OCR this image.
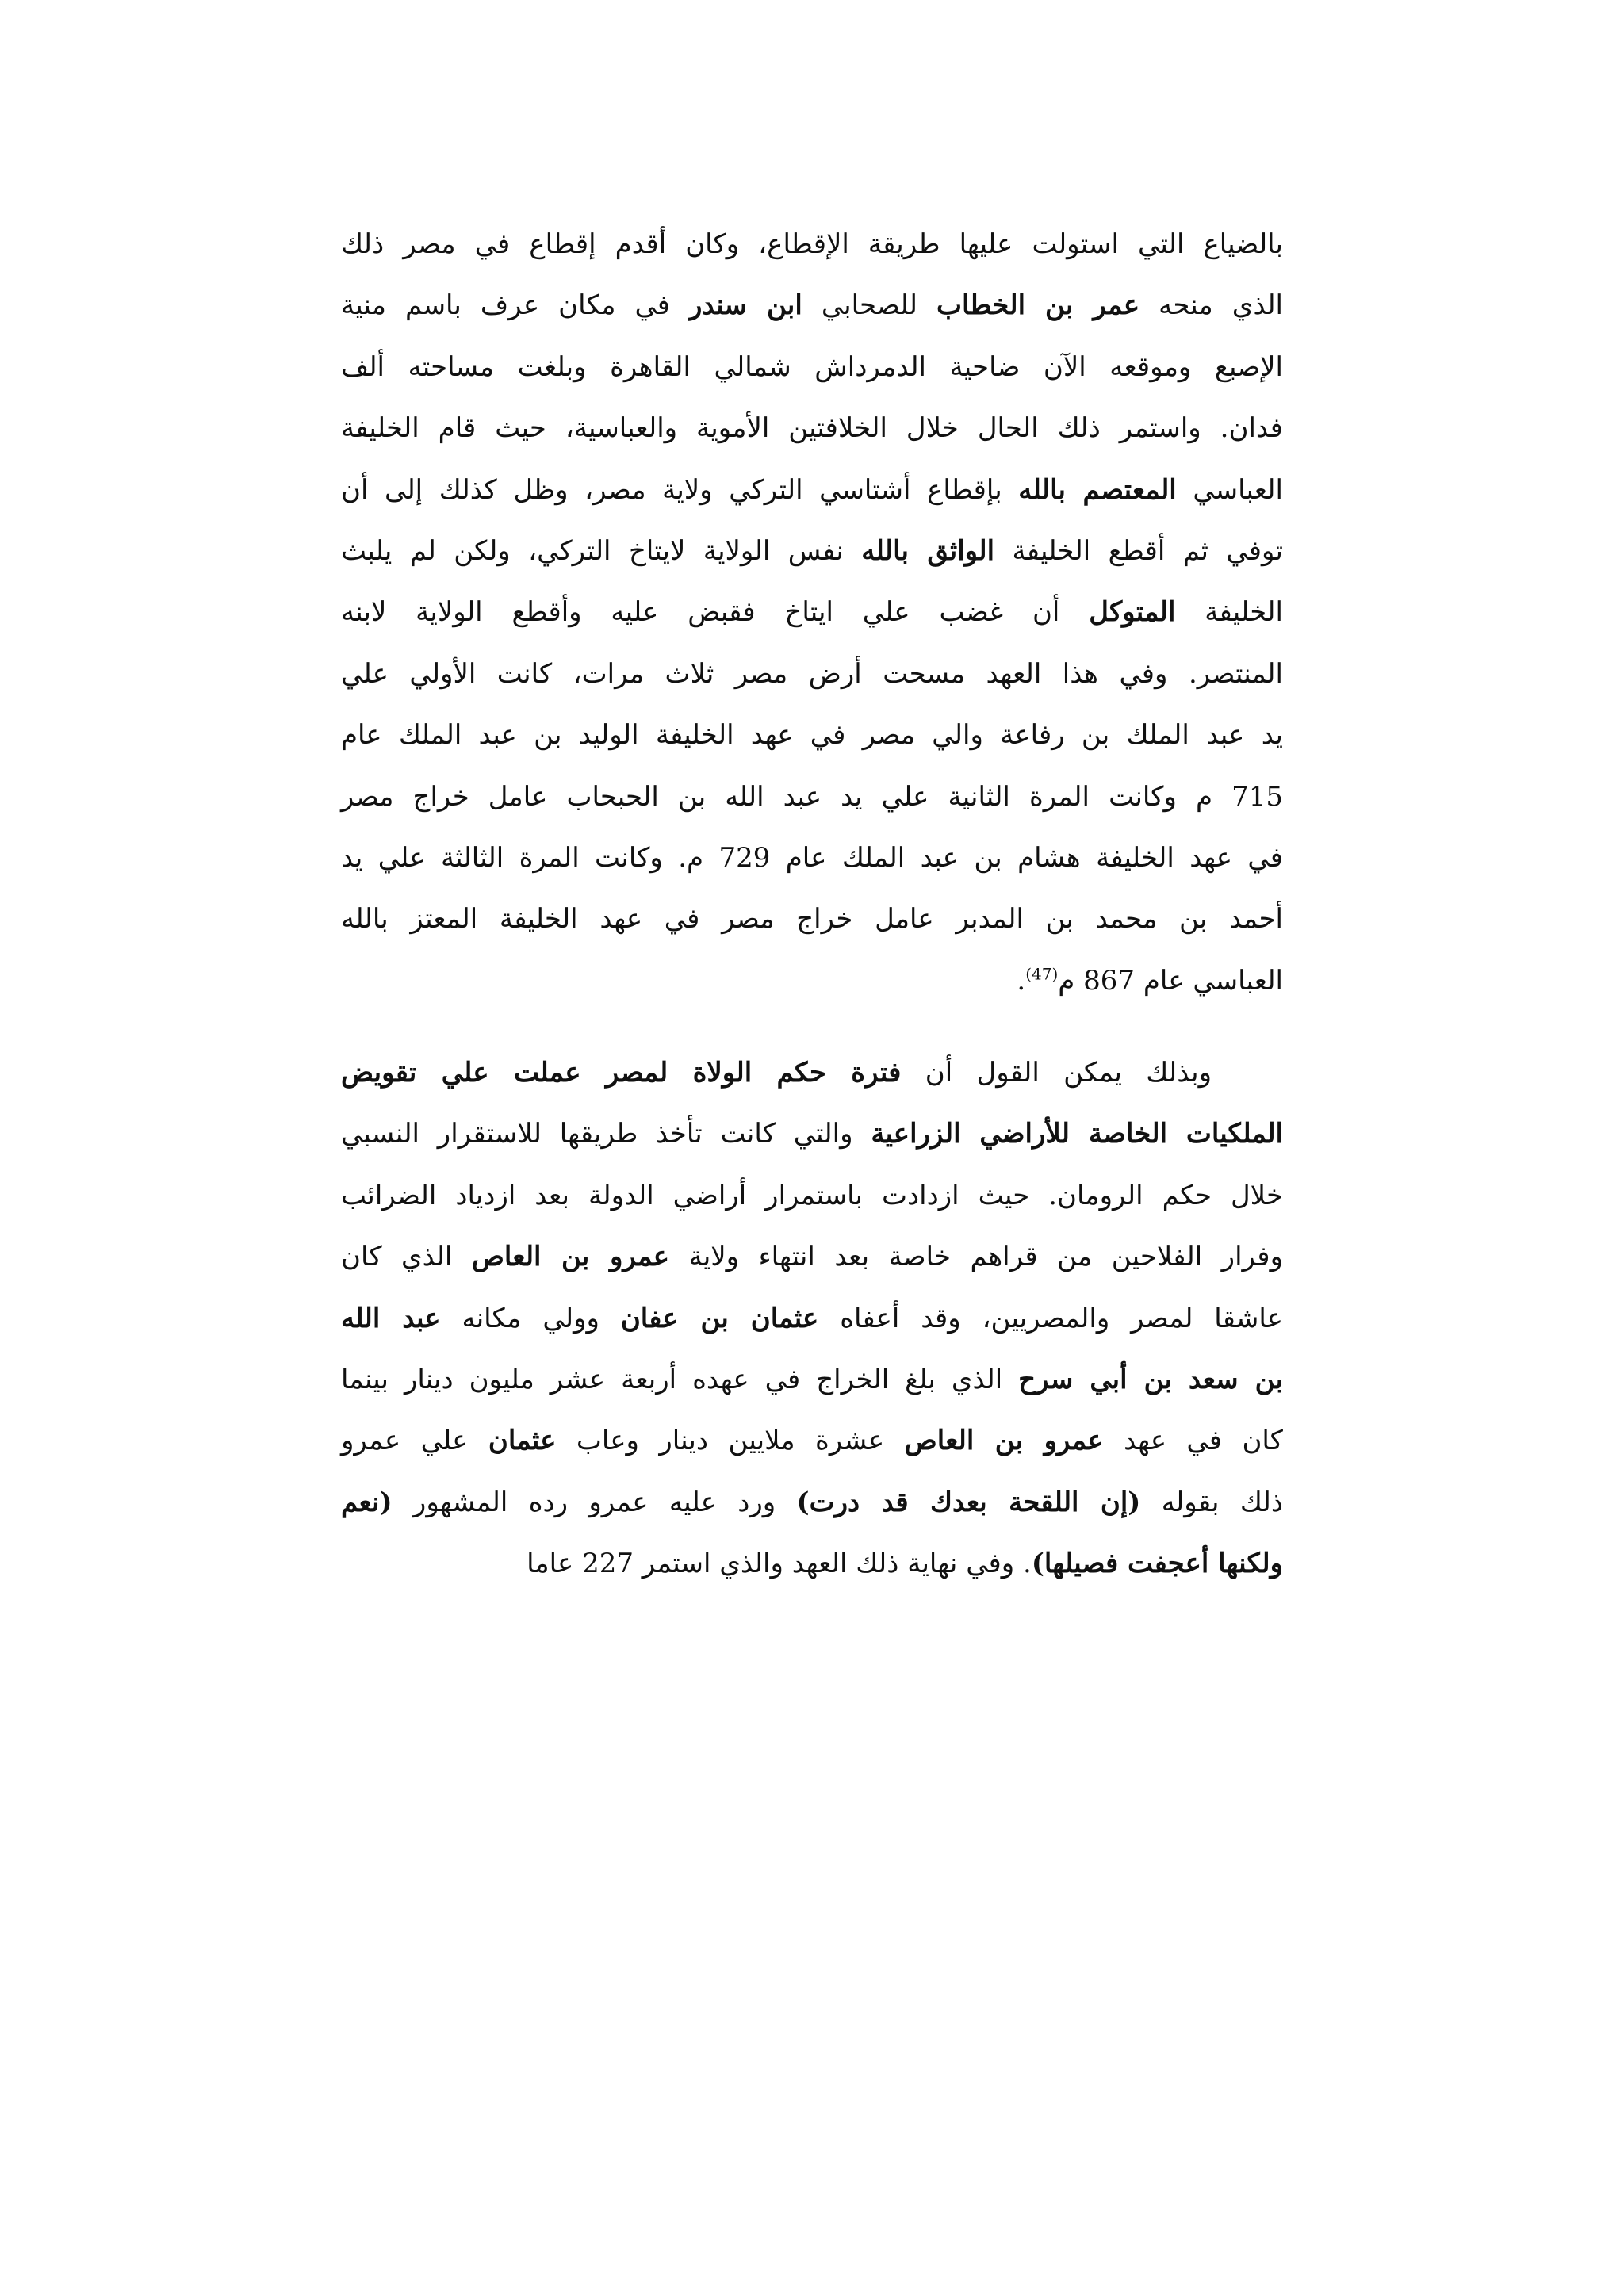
بالضياع التي استولت عليها طريقة الإقطاع، وكان أقدم إقطاع في مصر ذلك
الذي منحه عمر بن الخطاب للصحابي ابن سندر في مكان عرف باسم منية
الإصبع وموقعه الآن ضاحية الدمرداش شمالي القاهرة وبلغت مساحته ألف
فدان. واستمر ذلك الحال خلال الخلافتين الأموية والعباسية، حيث قام الخليفة
العباسي المعتصم بالله بإقطاع أشتاسي التركي ولاية مصر، وظل كذلك إلى أن
توفي ثم أقطع الخليفة الواثق بالله نفس الولاية لايتاخ التركي، ولكن لم يلبث
الخليفة المتوكل أن غضب علي ايتاخ فقبض عليه وأقطع الولاية لابنه
المنتصر. وفي هذا العهد مسحت أرض مصر ثلاث مرات، كانت الأولي علي
يد عبد الملك بن رفاعة والي مصر في عهد الخليفة الوليد بن عبد الملك عام
715 م وكانت المرة الثانية علي يد عبد الله بن الحبحاب عامل خراج مصر
في عهد الخليفة هشام بن عبد الملك عام 729 م. وكانت المرة الثالثة علي يد
أحمد بن محمد بن المدبر عامل خراج مصر في عهد الخليفة المعتز بالله
العباسي عام 867 م$^{(47)}$.
وبذلك يمكن القول أن فترة حكم الولاة لمصر عملت علي تقويض
الملكيات الخاصة للأراضي الزراعية والتي كانت تأخذ طريقها للاستقرار النسبي
خلال حكم الرومان. حيث ازدادت باستمرار أراضي الدولة بعد ازدياد الضرائب
وفرار الفلاحين من قراهم خاصة بعد انتهاء ولاية عمرو بن العاص الذي كان
عاشقا لمصر والمصريين، وقد أعفاه عثمان بن عفان وولي مكانه عبد الله
بن سعد بن أبي سرح الذي بلغ الخراج في عهده أربعة عشر مليون دينار بينما
كان في عهد عمرو بن العاص عشرة ملايين دينار وعاب عثمان علي عمرو
ذلك بقوله (إن اللقحة بعدك قد درت) ورد عليه عمرو رده المشهور (نعم
ولكنها أعجفت فصيلها). وفي نهاية ذلك العهد والذي استمر 227 عاما
